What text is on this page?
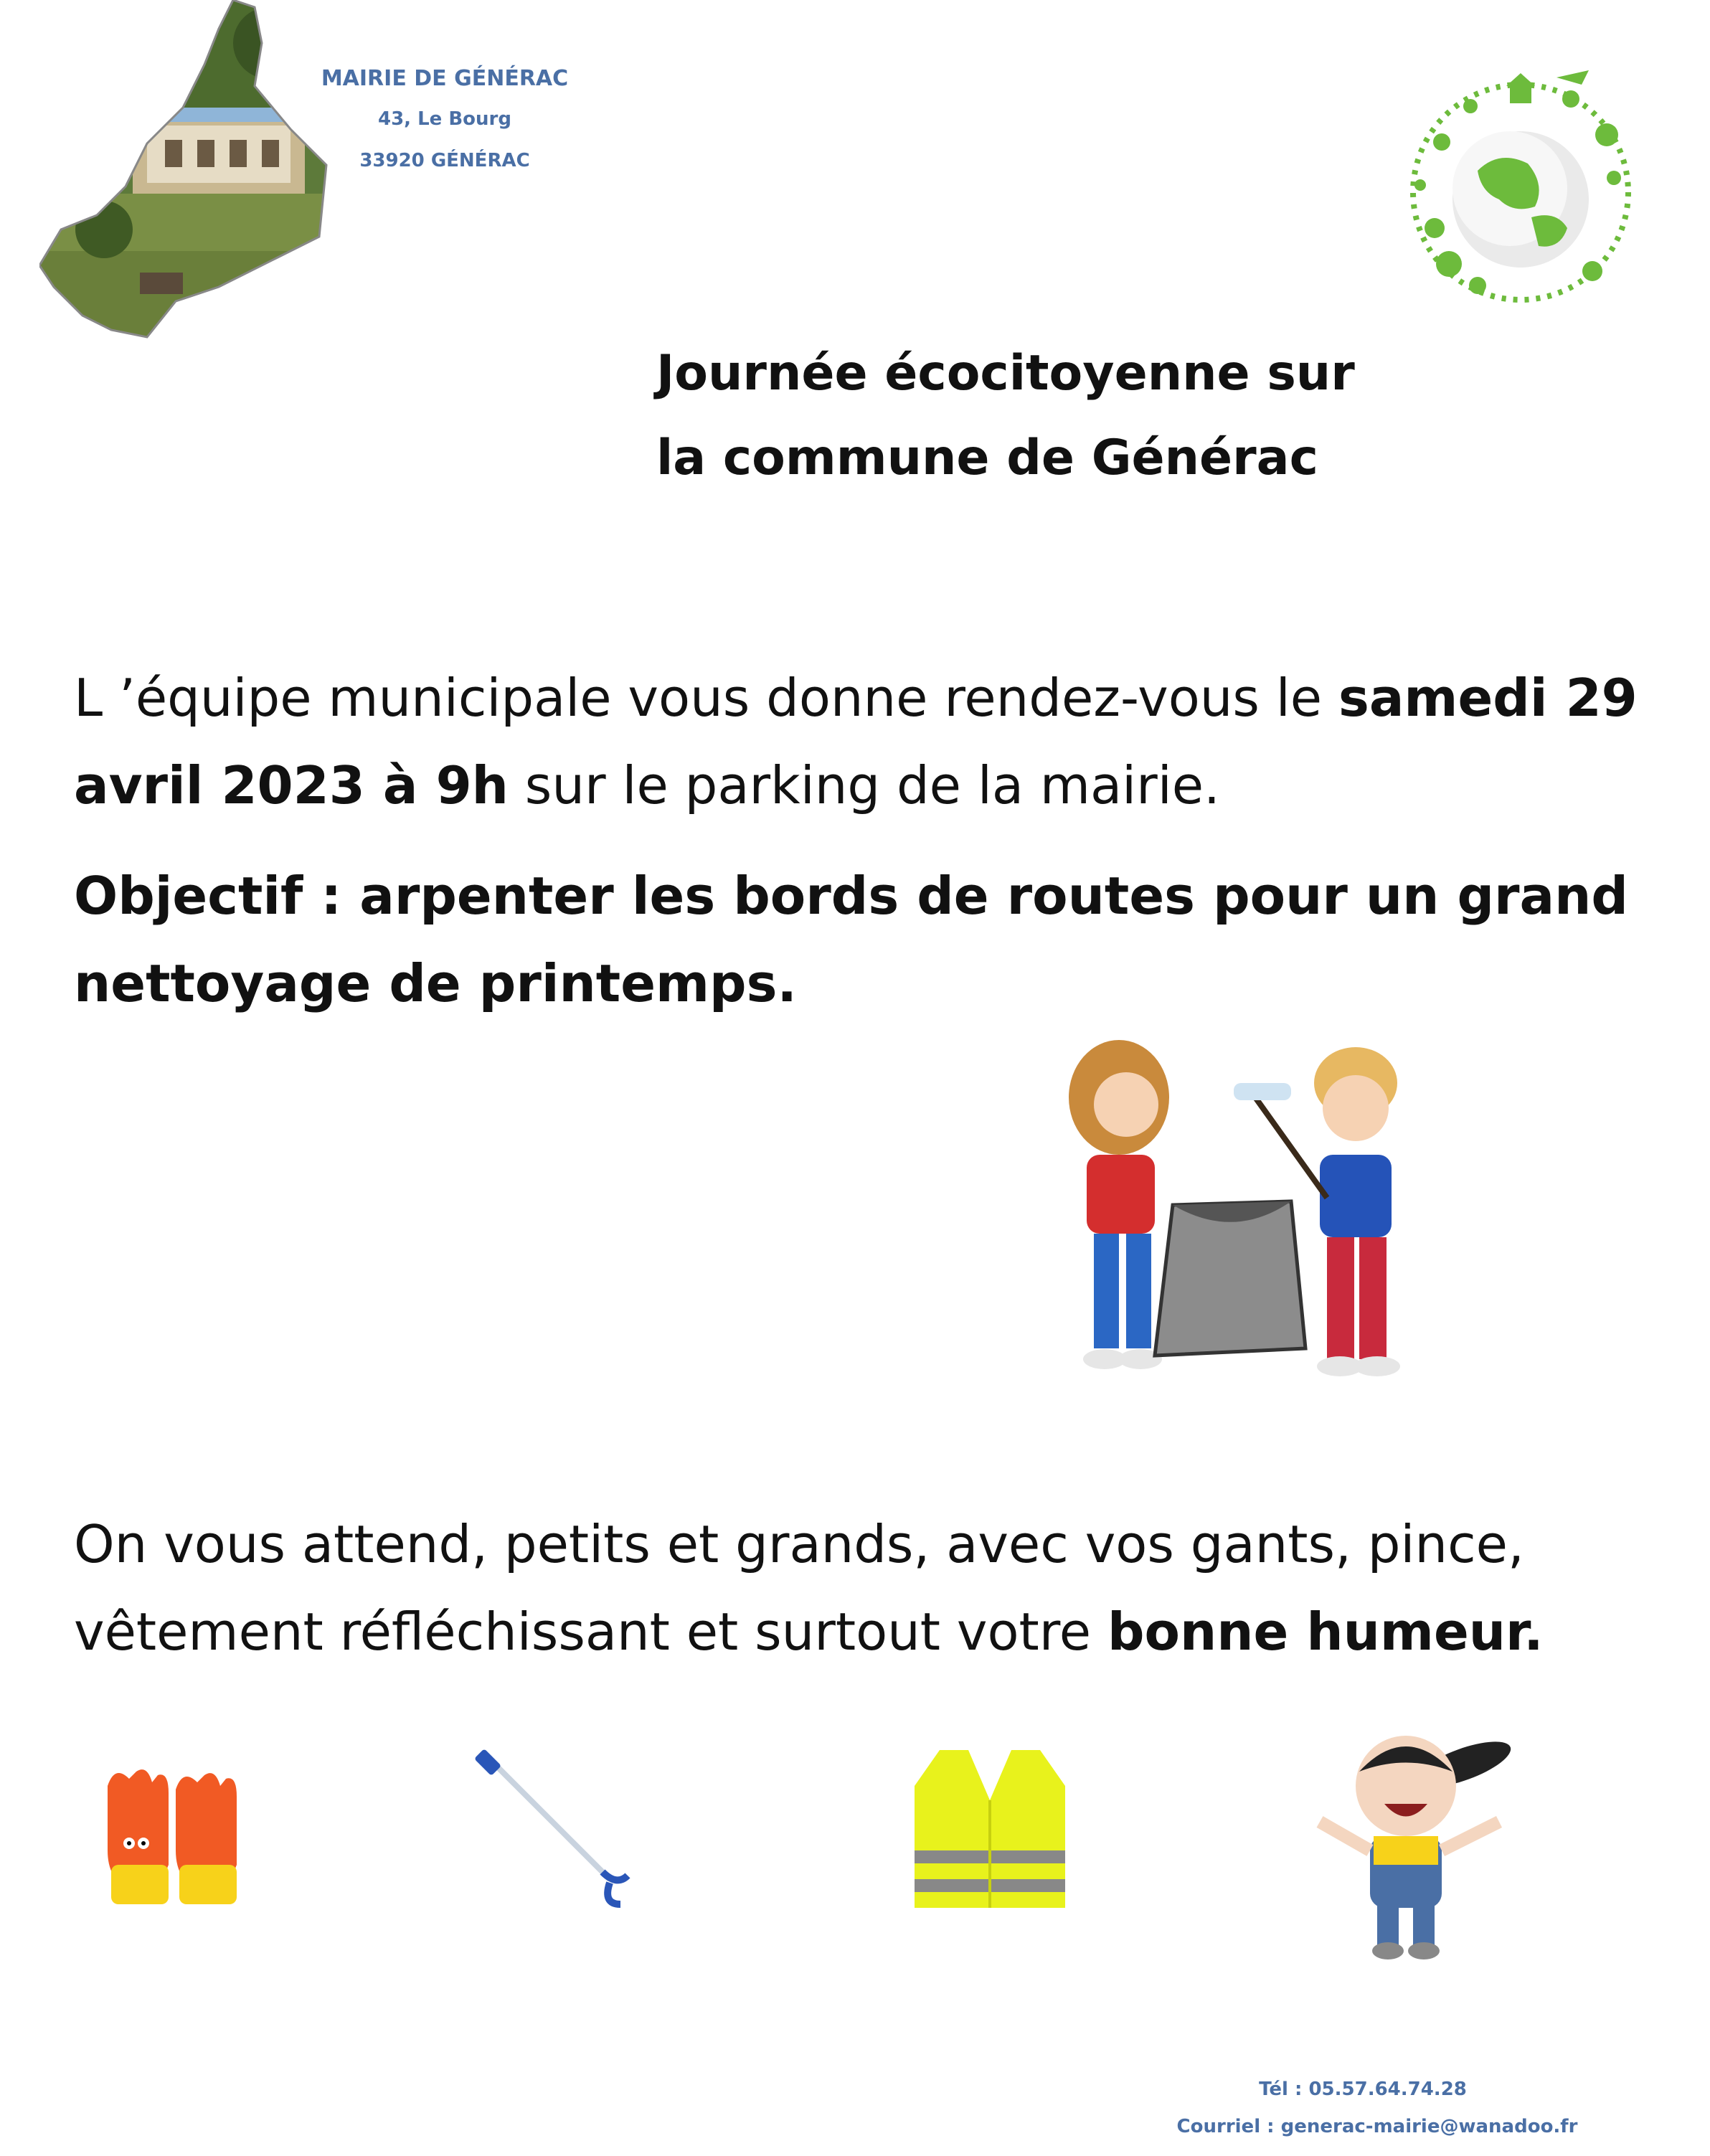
MAIRIE DE GÉNÉRAC
43, Le Bourg
33920 GÉNÉRAC
Journée écocitoyenne sur
la commune de Générac
L ’équipe municipale vous donne rendez-vous le samedi 29 avril 2023 à 9h sur le parking de la mairie.
Objectif : arpenter les bords de routes pour un grand nettoyage de printemps.
On vous attend, petits et grands, avec vos gants, pince, vêtement réfléchissant et surtout votre bonne humeur.
Tél : 05.57.64.74.28
Courriel : generac-mairie@wanadoo.fr
